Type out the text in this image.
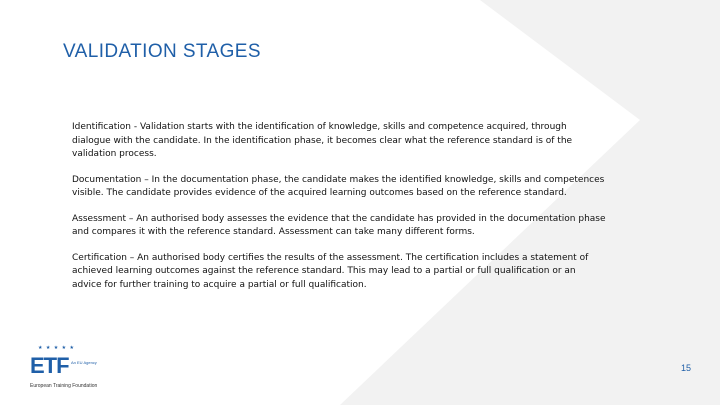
VALIDATION STAGES

Identification - Validation starts with the identification of knowledge, skills and competence acquired, through dialogue with the candidate. In the identification phase, it becomes clear what the reference standard is of the validation process.

Documentation – In the documentation phase, the candidate makes the identified knowledge, skills and competences visible. The candidate provides evidence of the acquired learning outcomes based on the reference standard.

Assessment – An authorised body assesses the evidence that the candidate has provided in the documentation phase and compares it with the reference standard. Assessment can take many different forms.

Certification – An authorised body certifies the results of the assessment. The certification includes a statement of achieved learning outcomes against the reference standard. This may lead to a partial or full qualification or an advice for further training to acquire a partial or full qualification.

★ ★ ★ ★ ★
ETF An EU Agency
European Training Foundation
15
